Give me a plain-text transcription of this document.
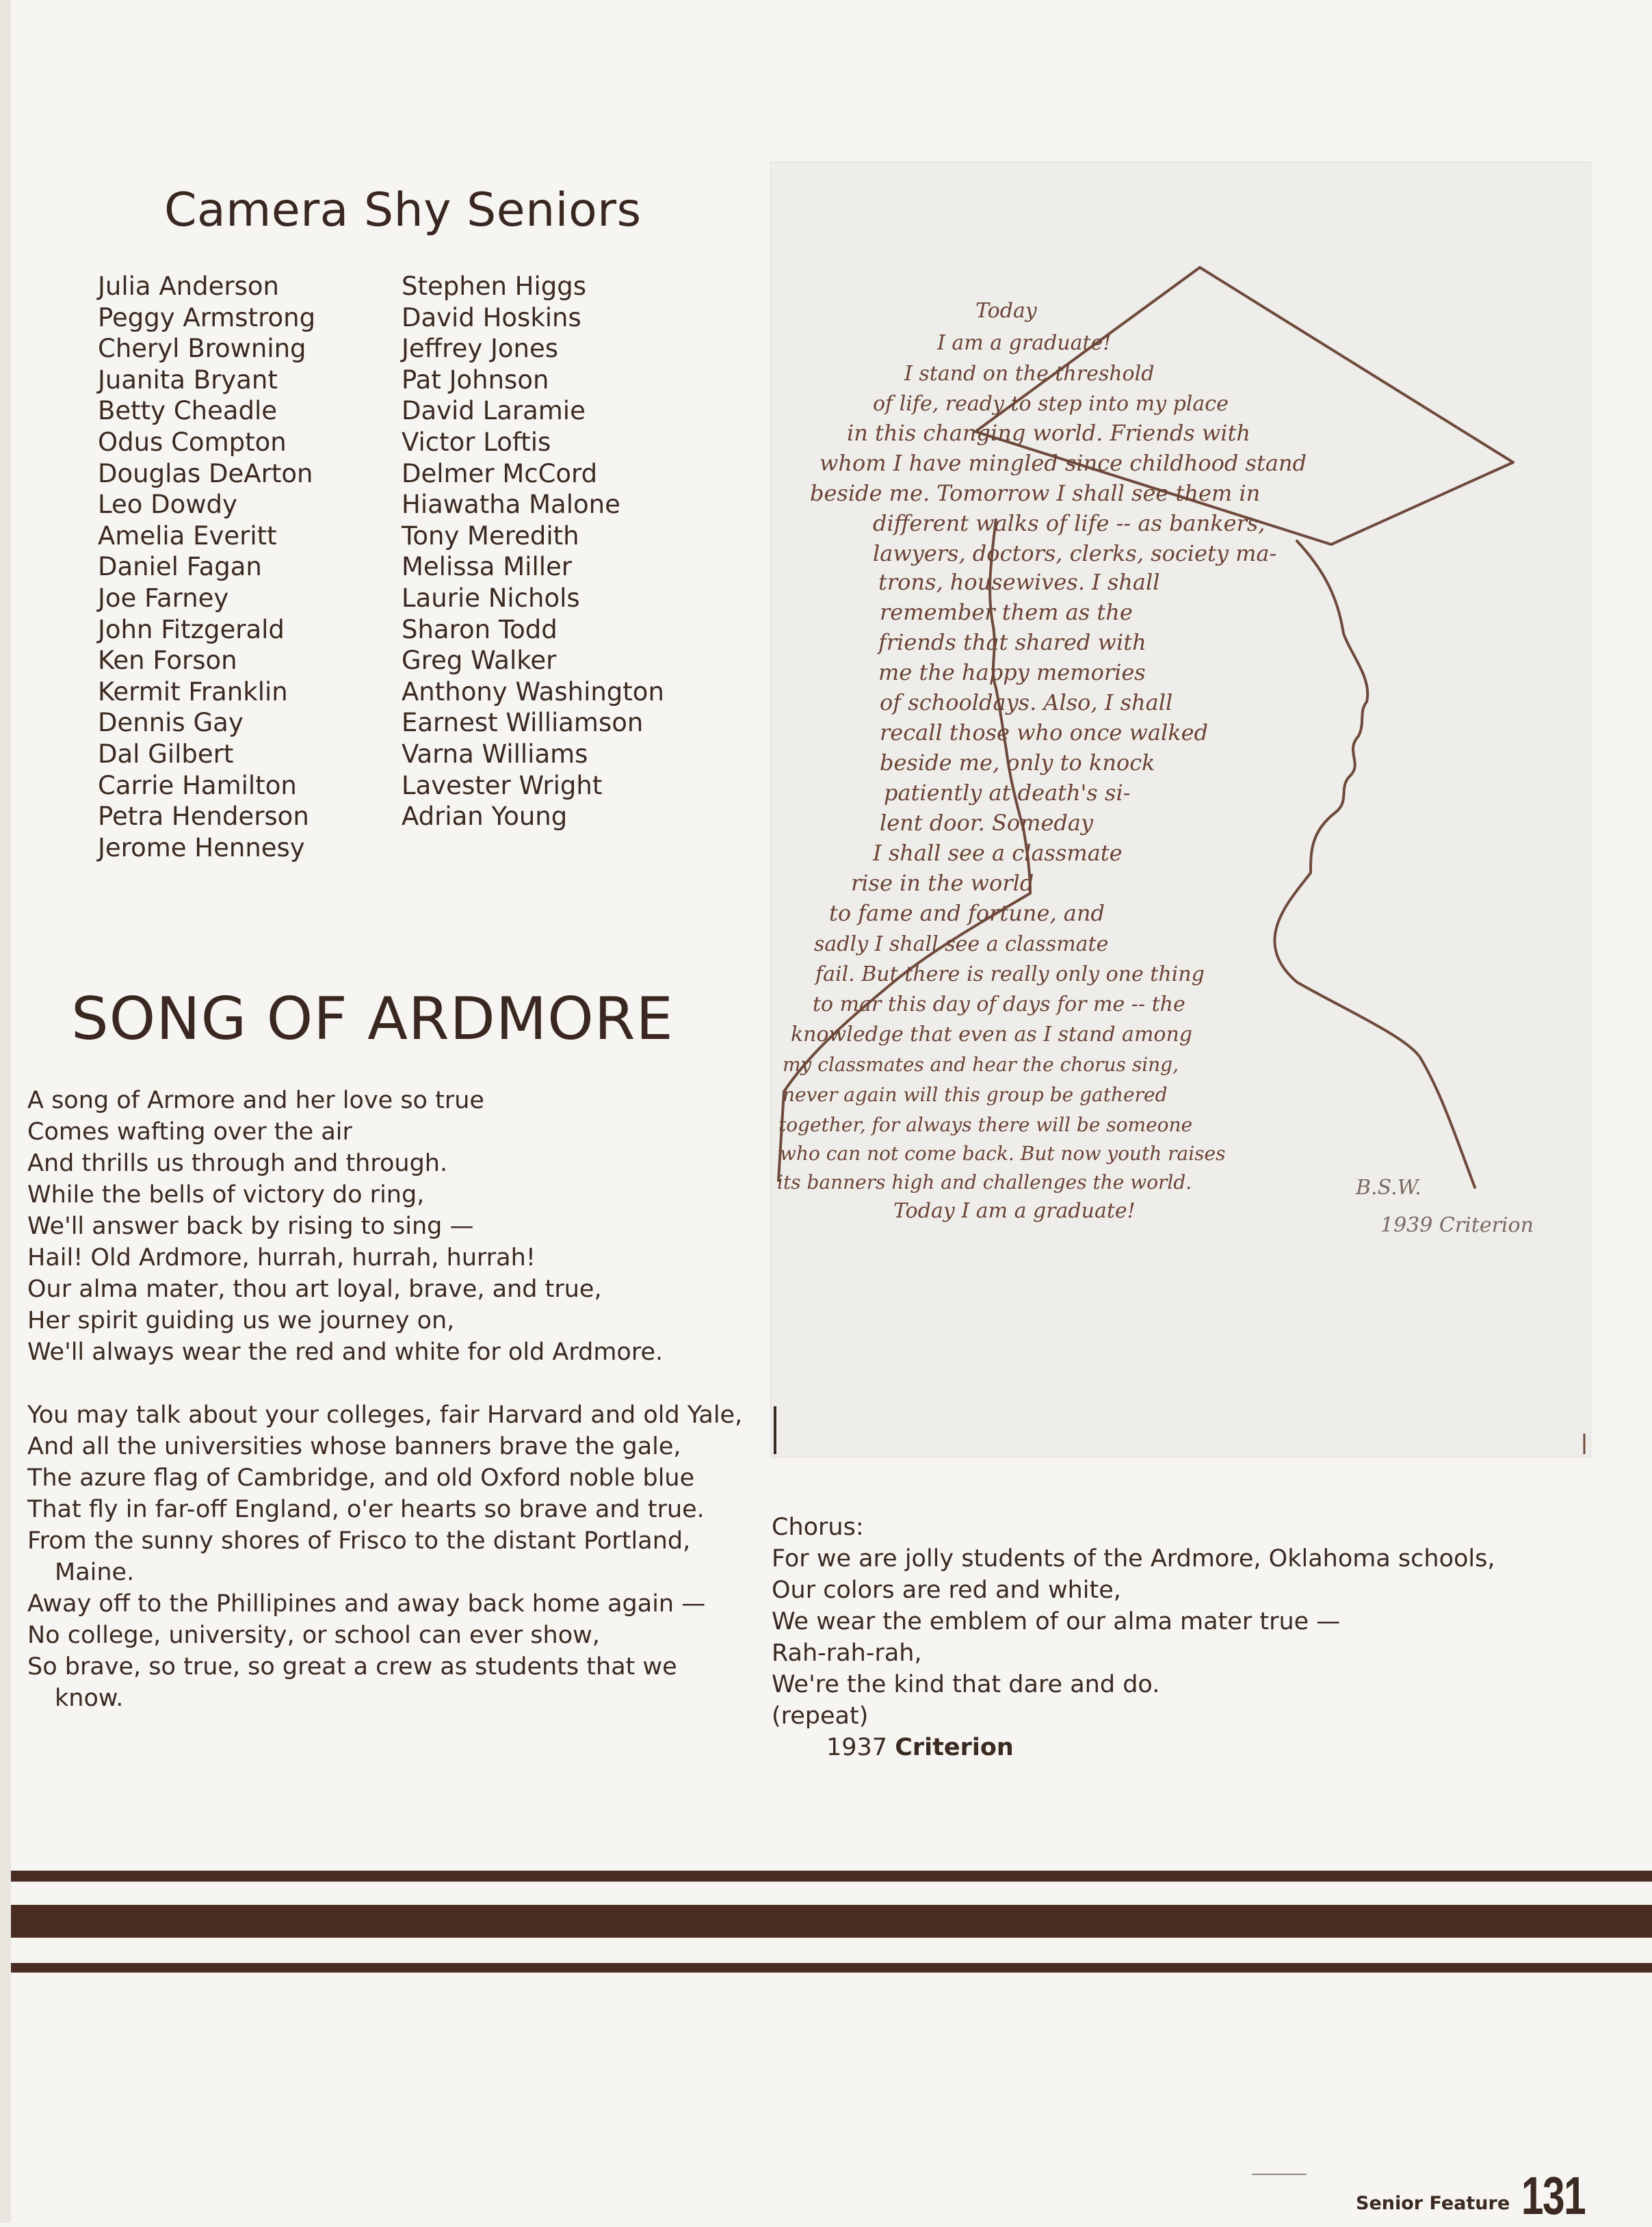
Camera Shy Seniors
Julia Anderson
Peggy Armstrong
Cheryl Browning
Juanita Bryant
Betty Cheadle
Odus Compton
Douglas DeArton
Leo Dowdy
Amelia Everitt
Daniel Fagan
Joe Farney
John Fitzgerald
Ken Forson
Kermit Franklin
Dennis Gay
Dal Gilbert
Carrie Hamilton
Petra Henderson
Jerome Hennesy
Stephen Higgs
David Hoskins
Jeffrey Jones
Pat Johnson
David Laramie
Victor Loftis
Delmer McCord
Hiawatha Malone
Tony Meredith
Melissa Miller
Laurie Nichols
Sharon Todd
Greg Walker
Anthony Washington
Earnest Williamson
Varna Williams
Lavester Wright
Adrian Young
SONG OF ARDMORE
A song of Armore and her love so true
Comes wafting over the air
And thrills us through and through.
While the bells of victory do ring,
We'll answer back by rising to sing —
Hail! Old Ardmore, hurrah, hurrah, hurrah!
Our alma mater, thou art loyal, brave, and true,
Her spirit guiding us we journey on,
We'll always wear the red and white for old Ardmore.
You may talk about your colleges, fair Harvard and old Yale,
And all the universities whose banners brave the gale,
The azure flag of Cambridge, and old Oxford noble blue
That fly in far-off England, o'er hearts so brave and true.
From the sunny shores of Frisco to the distant Portland, Maine.
Away off to the Phillipines and away back home again —
No college, university, or school can ever show,
So brave, so true, so great a crew as students that we know.
Today
I am a graduate!
I stand on the threshold
of life, ready to step into my place
in this changing world. Friends with
whom I have mingled since childhood stand
beside me. Tomorrow I shall see them in
different walks of life -- as bankers,
lawyers, doctors, clerks, society ma-
trons, housewives. I shall
remember them as the
friends that shared with
me the happy memories
of schooldays. Also, I shall
recall those who once walked
beside me, only to knock
patiently at death's si-
lent door. Someday
I shall see a classmate
rise in the world
to fame and fortune, and
sadly I shall see a classmate
fail. But there is really only one thing
to mar this day of days for me -- the
knowledge that even as I stand among
my classmates and hear the chorus sing,
never again will this group be gathered
together, for always there will be someone
who can not come back. But now youth raises
its banners high and challenges the world.
Today I am a graduate!
B.S.W.
1939 Criterion

Chorus:

For we are jolly students of the Ardmore, Oklahoma schools,
Our colors are red and white,
We wear the emblem of our alma mater true —
Rah-rah-rah,
We're the kind that dare and do.
(repeat)

1937 Criterion

Senior Feature 131
